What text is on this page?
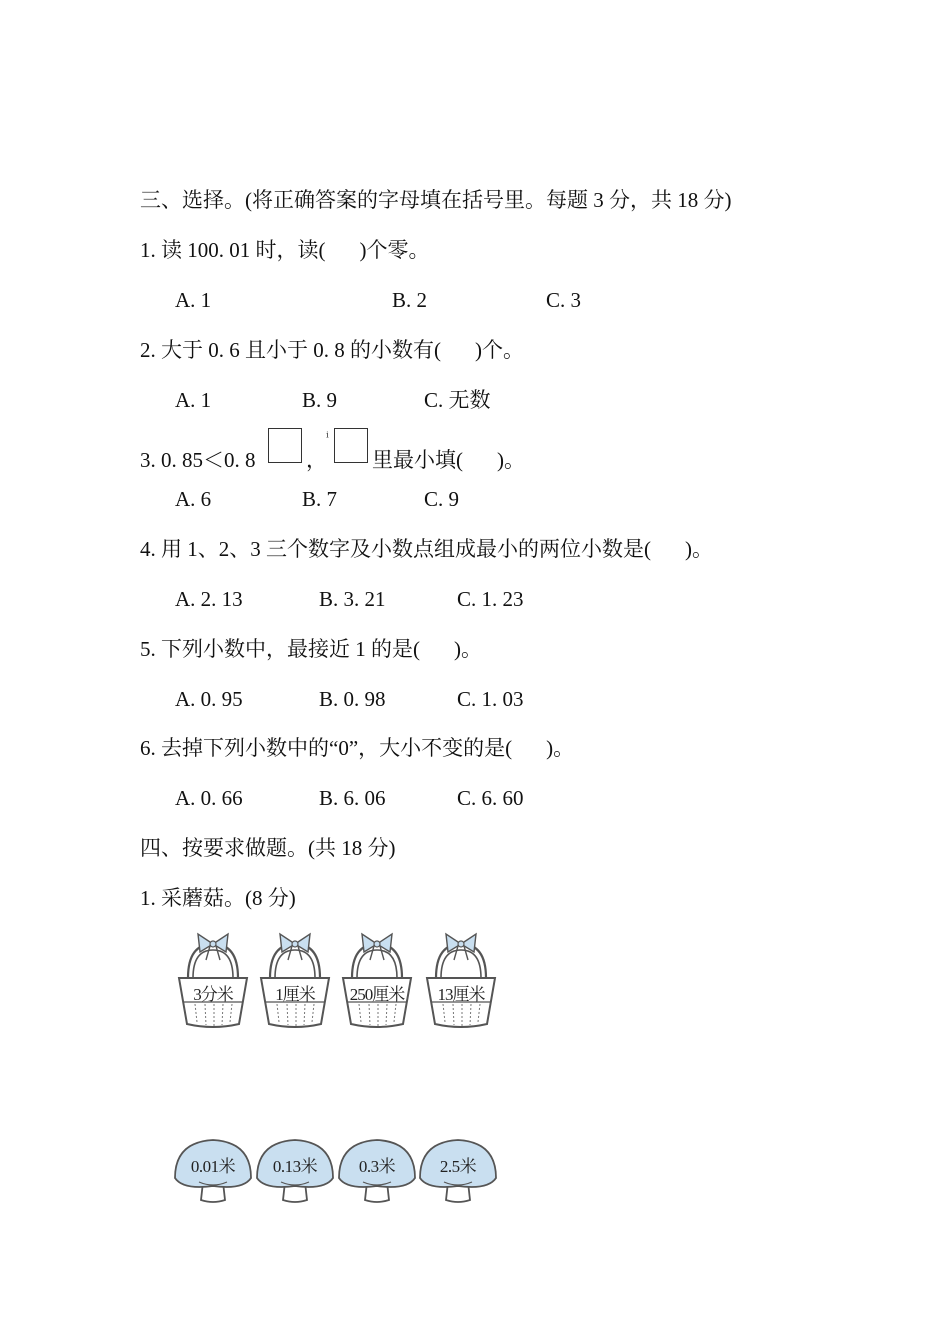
三、选择。(将正确答案的字母填在括号里。每题 3 分，共 18 分)
1. 读 100. 01 时，读( )个零。
A. 1	B. 2	C. 3
2. 大于 0. 6 且小于 0. 8 的小数有( )个。
A. 1	B. 9	C. 无数
3. 0. 85＜0. 8 ，
ⁱ
里最小填( )。
A. 6	B. 7	C. 9
4. 用 1、2、3 三个数字及小数点组成最小的两位小数是( )。
A. 2. 13	B. 3. 21	C. 1. 23
5. 下列小数中，最接近 1 的是( )。
A. 0. 95	B. 0. 98	C. 1. 03
6. 去掉下列小数中的“0”，大小不变的是( )。
A. 0. 66	B. 6. 06	C. 6. 60
四、按要求做题。(共 18 分)
1. 采蘑菇。(8 分)
3分米	1厘米	250厘米	13厘米
0.01米	0.13米	0.3米	2.5米
